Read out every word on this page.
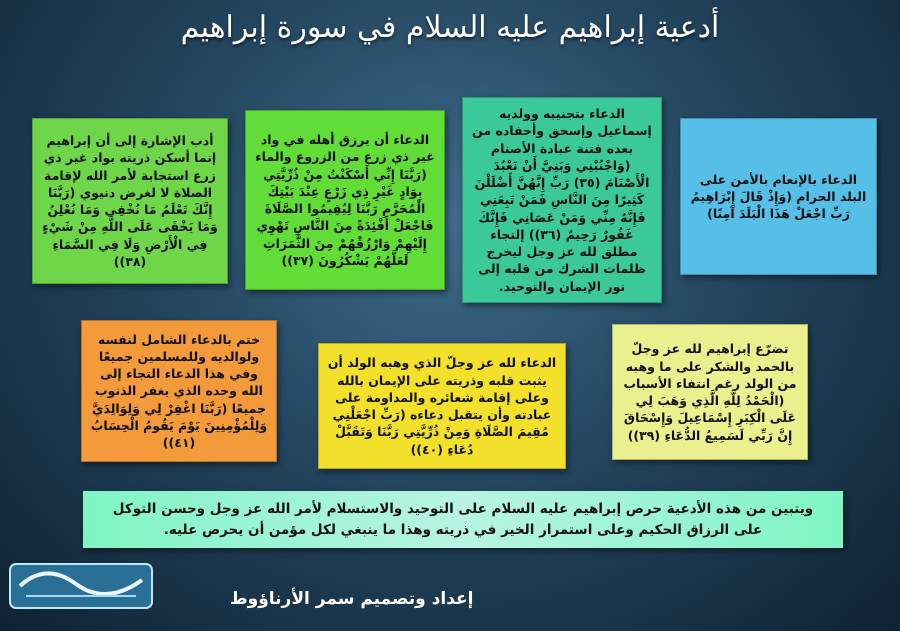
أدعية إبراهيم عليه السلام في سورة إبراهيم
أدب الإشارة إلى أن إبراهيم إنما أسكن ذريته بواد غير ذي زرع استجابة لأمر الله لإقامة الصلاة لا لغرض دنيوي (رَبَّنَا إِنَّكَ تَعْلَمُ مَا نُخْفِي وَمَا نُعْلِنُ وَمَا يَخْفَى عَلَى اللَّهِ مِنْ شَيْءٍ فِي الْأَرْضِ وَلَا فِي السَّمَاءِ (٣٨))
الدعاء أن يرزق أهله في واد غير ذي زرع من الزروع والماء (رَبَّنَا إِنِّي أَسْكَنْتُ مِنْ ذُرِّيَّتِي بِوَادٍ غَيْرِ ذِي زَرْعٍ عِنْدَ بَيْتِكَ الْمُحَرَّمِ رَبَّنَا لِيُقِيمُوا الصَّلَاةَ فَاجْعَلْ أَفْئِدَةً مِنَ النَّاسِ تَهْوِي إِلَيْهِمْ وَارْزُقْهُمْ مِنَ الثَّمَرَاتِ لَعَلَّهُمْ يَشْكُرُونَ (٣٧))
الدعاء بتجنيبه وولديه إسماعيل وإسحق وأحفاده من بعده فتنة عبادة الأصنام (وَاجْنُبْنِي وَبَنِيَّ أَنْ نَعْبُدَ الْأَصْنَامَ (٣٥) رَبِّ إِنَّهُنَّ أَضْلَلْنَ كَثِيرًا مِنَ النَّاسِ فَمَنْ تَبِعَنِي فَإِنَّهُ مِنِّي وَمَنْ عَصَانِي فَإِنَّكَ غَفُورٌ رَحِيمٌ (٣٦)) إلتجاء مطلق لله عز وجل ليخرج ظلمات الشرك من قلبه إلى نور الإيمان والتوحيد.
الدعاء بالإنعام بالأمن على البلد الحرام (وَإِذْ قَالَ إِبْرَاهِيمُ رَبِّ اجْعَلْ هَذَا الْبَلَدَ آمِنًا)
ختم بالدعاء الشامل لنفسه ولوالديه وللمسلمين جميعًا وفي هذا الدعاء التجاء إلى الله وحده الذي يغفر الذنوب جميعًا (رَبَّنَا اغْفِرْ لِي وَلِوَالِدَيَّ وَلِلْمُؤْمِنِينَ يَوْمَ يَقُومُ الْحِسَابُ (٤١))
الدعاء لله عز وجلّ الذي وهبه الولد أن يثبت قلبه وذريته على الإيمان بالله وعلى إقامة شعائره والمداومة على عبادته وأن يتقبل دعاءه (رَبِّ اجْعَلْنِي مُقِيمَ الصَّلَاةِ وَمِنْ ذُرِّيَّتِي رَبَّنَا وَتَقَبَّلْ دُعَاءِ (٤٠))
تضرّع إبراهيم لله عز وجلّ بالحمد والشكر على ما وهبه من الولد رغم انتفاء الأسباب (الْحَمْدُ لِلَّهِ الَّذِي وَهَبَ لِي عَلَى الْكِبَرِ إِسْمَاعِيلَ وَإِسْحَاقَ إِنَّ رَبِّي لَسَمِيعُ الدُّعَاءِ (٣٩))
ويتبين من هذه الأدعية حرص إبراهيم عليه السلام على التوحيد والاستسلام لأمر الله عز وجل وحسن التوكل على الرزاق الحكيم وعلى استمرار الخير في ذريته وهذا ما ينبغي لكل مؤمن أن يحرص عليه.
إعداد وتصميم سمر الأرناؤوط
